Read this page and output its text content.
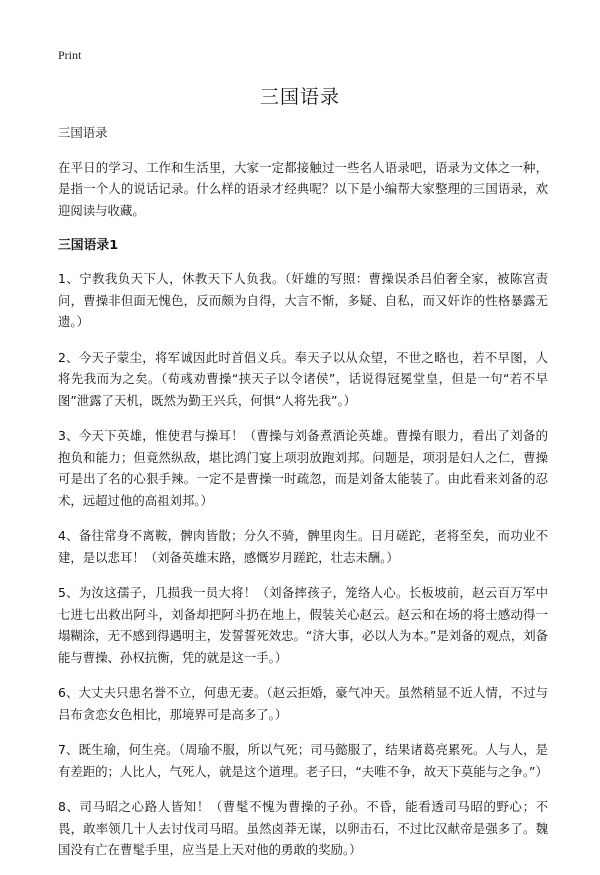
Print
三国语录

三国语录

在平日的学习、工作和生活里，大家一定都接触过一些名人语录吧，语录为文体之一种，是指一个人的说话记录。什么样的语录才经典呢？以下是小编帮大家整理的三国语录，欢迎阅读与收藏。

三国语录1

1、宁教我负天下人，休教天下人负我。（奸雄的写照：曹操误杀吕伯奢全家，被陈宫责问，曹操非但面无愧色，反而颇为自得，大言不惭，多疑、自私，而又奸诈的性格暴露无遗。）

2、今天子蒙尘，将军诚因此时首倡义兵。奉天子以从众望，不世之略也，若不早图，人将先我而为之矣。（荀彧劝曹操“挟天子以令诸侯”，话说得冠冕堂皇，但是一句“若不早图”泄露了天机，既然为勤王兴兵，何惧“人将先我”。）

3、今天下英雄，惟使君与操耳！（曹操与刘备煮酒论英雄。曹操有眼力，看出了刘备的抱负和能力；但竟然纵敌，堪比鸿门宴上项羽放跑刘邦。问题是，项羽是妇人之仁，曹操可是出了名的心狠手辣。一定不是曹操一时疏忽，而是刘备太能装了。由此看来刘备的忍术，远超过他的高祖刘邦。）

4、备往常身不离鞍，髀肉皆散；分久不骑，髀里肉生。日月磋跎，老将至矣，而功业不建，是以悲耳！（刘备英雄末路，感慨岁月蹉跎，壮志未酬。）

5、为汝这孺子，几损我一员大将！（刘备摔孩子，笼络人心。长板坡前，赵云百万军中七进七出救出阿斗，刘备却把阿斗扔在地上，假装关心赵云。赵云和在场的将士感动得一塌糊涂，无不感到得遇明主，发誓誓死效忠。“济大事，必以人为本。”是刘备的观点，刘备能与曹操、孙权抗衡，凭的就是这一手。）

6、大丈夫只患名誉不立，何患无妻。（赵云拒婚，豪气冲天。虽然稍显不近人情，不过与吕布贪恋女色相比，那境界可是高多了。）

7、既生瑜，何生亮。（周瑜不服，所以气死；司马懿服了，结果诸葛亮累死。人与人，是有差距的；人比人，气死人，就是这个道理。老子曰，“夫唯不争，故天下莫能与之争。”）

8、司马昭之心路人皆知！（曹髦不愧为曹操的子孙。不昏，能看透司马昭的野心；不畏，敢率领几十人去讨伐司马昭。虽然卤莽无谋，以卵击石，不过比汉献帝是强多了。魏国没有亡在曹髦手里，应当是上天对他的勇敢的奖励。）
